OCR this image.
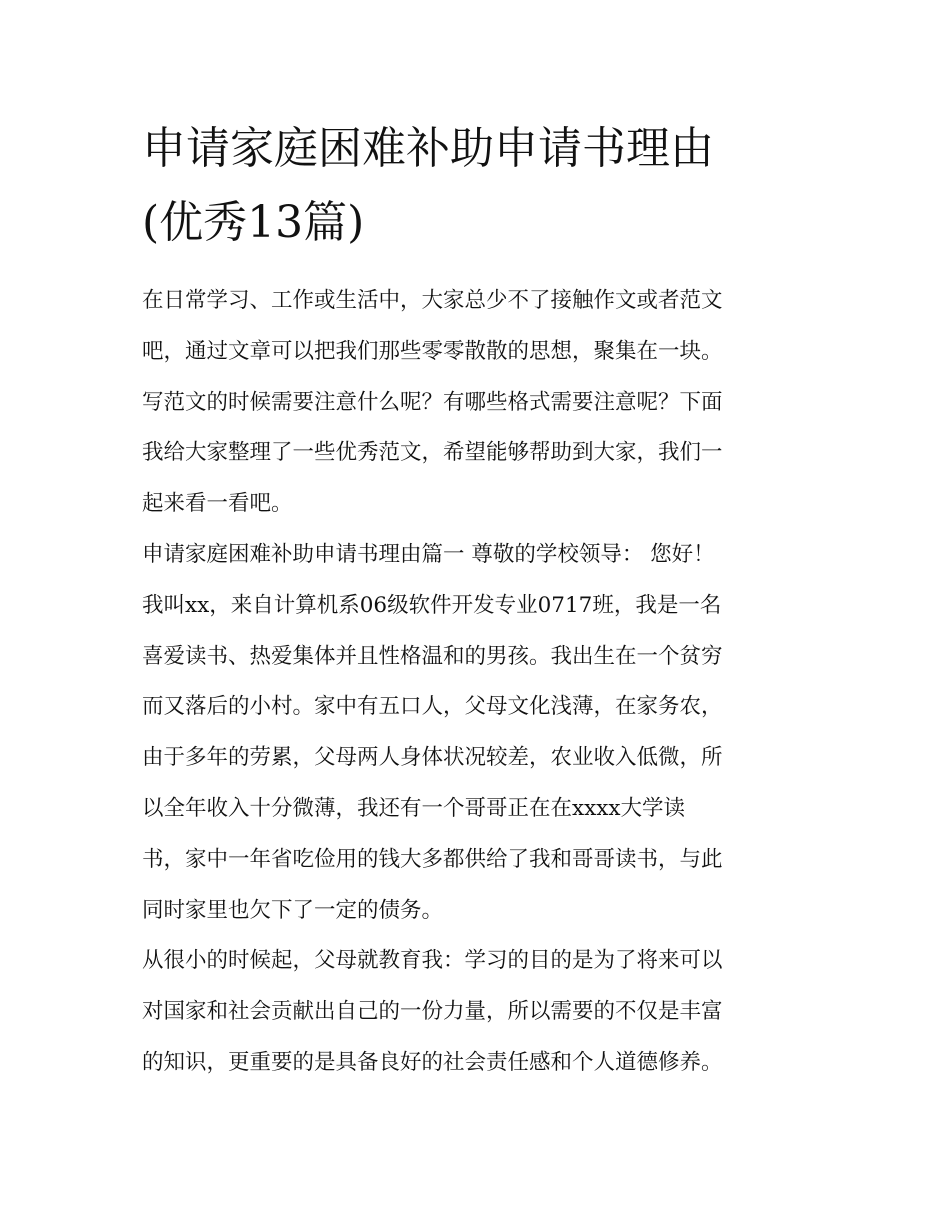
申请家庭困难补助申请书理由
(优秀13篇)
在日常学习、工作或生活中，大家总少不了接触作文或者范文
吧，通过文章可以把我们那些零零散散的思想，聚集在一块。
写范文的时候需要注意什么呢？有哪些格式需要注意呢？下面
我给大家整理了一些优秀范文，希望能够帮助到大家，我们一
起来看一看吧。
申请家庭困难补助申请书理由篇一 尊敬的学校领导： 您好！
我叫xx，来自计算机系06级软件开发专业0717班，我是一名
喜爱读书、热爱集体并且性格温和的男孩。我出生在一个贫穷
而又落后的小村。家中有五口人，父母文化浅薄，在家务农，
由于多年的劳累，父母两人身体状况较差，农业收入低微，所
以全年收入十分微薄，我还有一个哥哥正在在xxxx大学读
书，家中一年省吃俭用的钱大多都供给了我和哥哥读书，与此
同时家里也欠下了一定的债务。
从很小的时候起，父母就教育我：学习的目的是为了将来可以
对国家和社会贡献出自己的一份力量，所以需要的不仅是丰富
的知识，更重要的是具备良好的社会责任感和个人道德修养。
